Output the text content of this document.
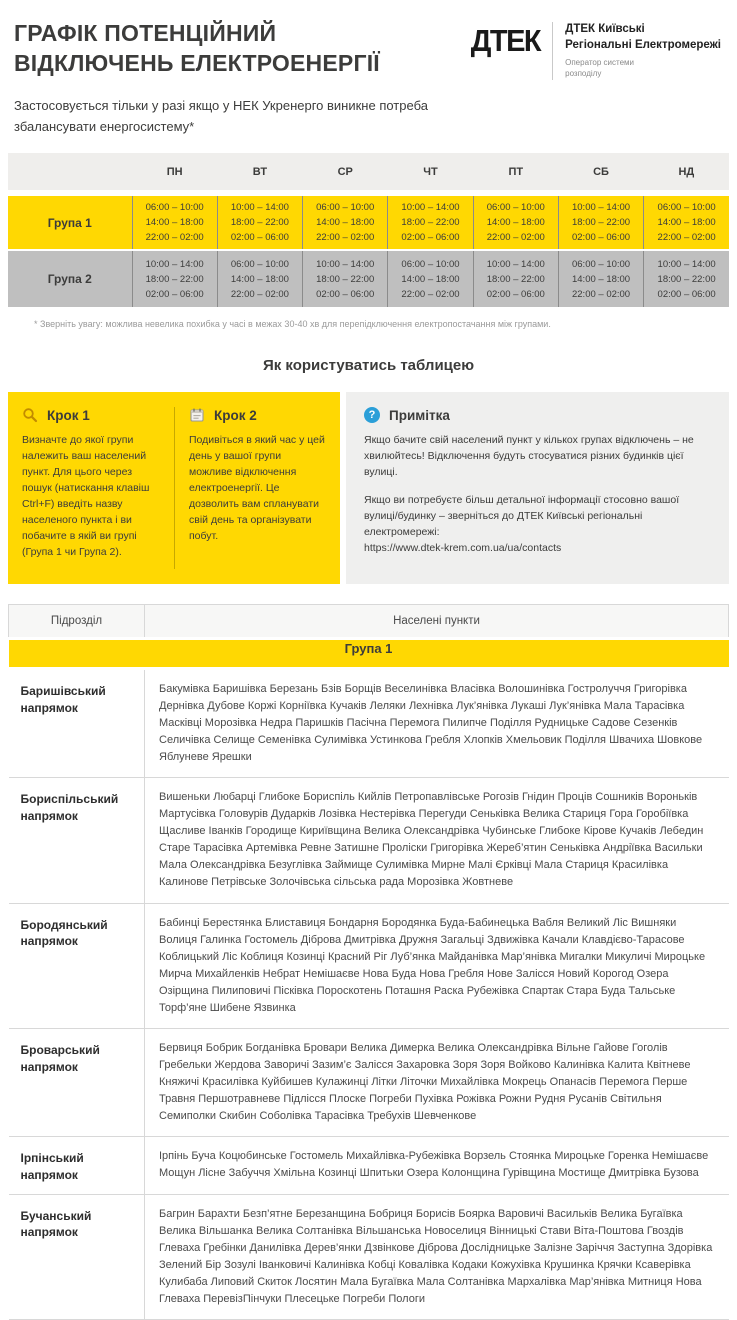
ГРАФІК ПОТЕНЦІЙНИЙ
ВІДКЛЮЧЕНЬ ЕЛЕКТРОЕНЕРГІЇ
Застосовується тільки у разі якщо у НЕК Укренерго виникне потреба
збалансувати енергосистему*
ДТЕК ДТЕК Київські
Регіональні Електромережі
Оператор системи
розподілу
	ПН	ВТ	СР	ЧТ	ПТ	СБ	НД
Група 1	
06:00 – 10:00
14:00 – 18:00
22:00 – 02:00

10:00 – 14:00
18:00 – 22:00
02:00 – 06:00

06:00 – 10:00
14:00 – 18:00
22:00 – 02:00

10:00 – 14:00
18:00 – 22:00
02:00 – 06:00

06:00 – 10:00
14:00 – 18:00
22:00 – 02:00

10:00 – 14:00
18:00 – 22:00
02:00 – 06:00

06:00 – 10:00
14:00 – 18:00
22:00 – 02:00

Група 2	
10:00 – 14:00
18:00 – 22:00
02:00 – 06:00

06:00 – 10:00
14:00 – 18:00
22:00 – 02:00

10:00 – 14:00
18:00 – 22:00
02:00 – 06:00

06:00 – 10:00
14:00 – 18:00
22:00 – 02:00

10:00 – 14:00
18:00 – 22:00
02:00 – 06:00

06:00 – 10:00
14:00 – 18:00
22:00 – 02:00

10:00 – 14:00
18:00 – 22:00
02:00 – 06:00
* Зверніть увагу: можлива невелика похибка у часі в межах 30-40 хв для перепідключення електропостачання між групами.
Як користуватись таблицею
Крок 1
Визначте до якої групи належить ваш населений пункт. Для цього через пошук (натискання клавіш Ctrl+F) введіть назву населеного пункта і ви побачите в якій ви групі (Група 1 чи Група 2).
Крок 2
Подивіться в який час у цей день у вашої групи можливе відключення електроенергії. Це дозволить вам спланувати свій день та організувати побут.
?	Примітка

Якщо бачите свій населений пункт у кількох групах відключень – не хвилюйтесь! Відключення будуть стосуватися різних будинків цієї вулиці.

Якщо ви потребуєте більш детальної інформації стосовно вашої вулиці/будинку – зверніться до ДТЕК Київські регіональні електромережі:
https://www.dtek-krem.com.ua/ua/contacts

Підрозділ	Населені пункти
Група 1	
Баришівський напрямок	Бакумівка Баришівка Березань Бзів Борщів Веселинівка Власівка Волошинівка Гостролуччя Григорівка Дернівка Дубове Коржі Корніївка Кучаків Леляки Лехнівка Лук’янівка Лукаші Лук’янівка Мала Тарасівка Масківці Морозівка Недра Паришків Пасічна Перемога Пилипче Поділля Рудницьке Садове Сезенків Селичівка Селище Семенівка Сулимівка Устинкова Гребля Хлопків Хмельовик Поділля Швачиха Шовкове Яблуневе Ярешки
Бориспільський напрямок	Вишеньки Любарці Глибоке Бориспіль Кийлів Петропавлівське Рогозів Гнідин Проців Сошників Вороньків Мартусівка Головурів Дударків Лозівка Нестерівка Перегуди Сеньківка Велика Стариця Гора Горобіївка Щасливе Іванків Городище Кириївщина Велика Олександрівка Чубинське Глибоке Кірове Кучаків Лебедин Старе Тарасівка Артемівка Ревне Затишне Проліски Григорівка Жереб’ятин Сеньківка Андріївка Васильки Мала Олександрівка Безуглівка Займище Сулимівка Мирне Малі Єрківці Мала Стариця Красилівка Калинове Петрівське Золочівська сільська рада Морозівка Жовтневе
Бородянський напрямок	Бабинці Берестянка Блиставиця Бондарня Бородянка Буда-Бабинецька Вабля Великий Ліс Вишняки Волиця Галинка Гостомель Діброва Дмитрівка Дружня Загальці Здвижівка Качали Клавдієво-Тарасове Коблицький Ліс Коблиця Козинці Красний Ріг Луб’янка Майданівка Мар’янівка Мигалки Микуличі Мироцьке Мирча Михайленків Небрат Немішаєве Нова Буда Нова Гребля Нове Залісся Новий Корогод Озера Озірщина Пилиповичі Пісківка Пороскотень Поташня Раска Рубежівка Спартак Стара Буда Тальське Торф’яне Шибене Язвинка
Броварський напрямок	Бервиця Бобрик Богданівка Бровари Велика Димерка Велика Олександрівка Вільне Гайове Гоголів Гребельки Жердова Заворичі Зазим’є Залісся Захаровка Зоря Зоря Войково Калинівка Калита Квітневе Княжичі Красилівка Куйбишев Кулажинці Літки Літочки Михайлівка Мокрець Опанасів Перемога Перше Травня Першотравневе Підлісся Плоске Погреби Пухівка Рожівка Рожни Рудня Русанів Світильня Семиполки Скибин Соболівка Тарасівка Требухів Шевченкове
Ірпінський напрямок	Ірпінь Буча Коцюбинське Гостомель Михайлівка-Рубежівка Ворзель Стоянка Мироцьке Горенка Немішаєве Мощун Лісне Забуччя Хмільна Козинці Шпитьки Озера Колонщина Гурівщина Мостище Дмитрівка Бузова
Бучанський напрямок	Багрин Барахти Безп’ятне Березанщина Бобриця Борисів Боярка Варовичі Васильків Велика Бугаївка Велика Вільшанка Велика Солтанівка Вільшанська Новоселиця Вінницькі Стави Віта-Поштова Гвоздів Глеваха Гребінки Данилівка Дерев’янки Дзвінкове Діброва Дослідницьке Залізне Заріччя Заступна Здорівка Зелений Бір Зозулі Іванковичі Калинівка Кобці Ковалівка Кодаки Кожухівка Крушинка Крячки Ксаверівка Кулибаба Липовий Скиток Лосятин Мала Бугаївка Мала Солтанівка Мархалівка Мар’янівка Митниця Нова Глеваха ПеревізПінчуки Плесецьке Погреби Пологи
